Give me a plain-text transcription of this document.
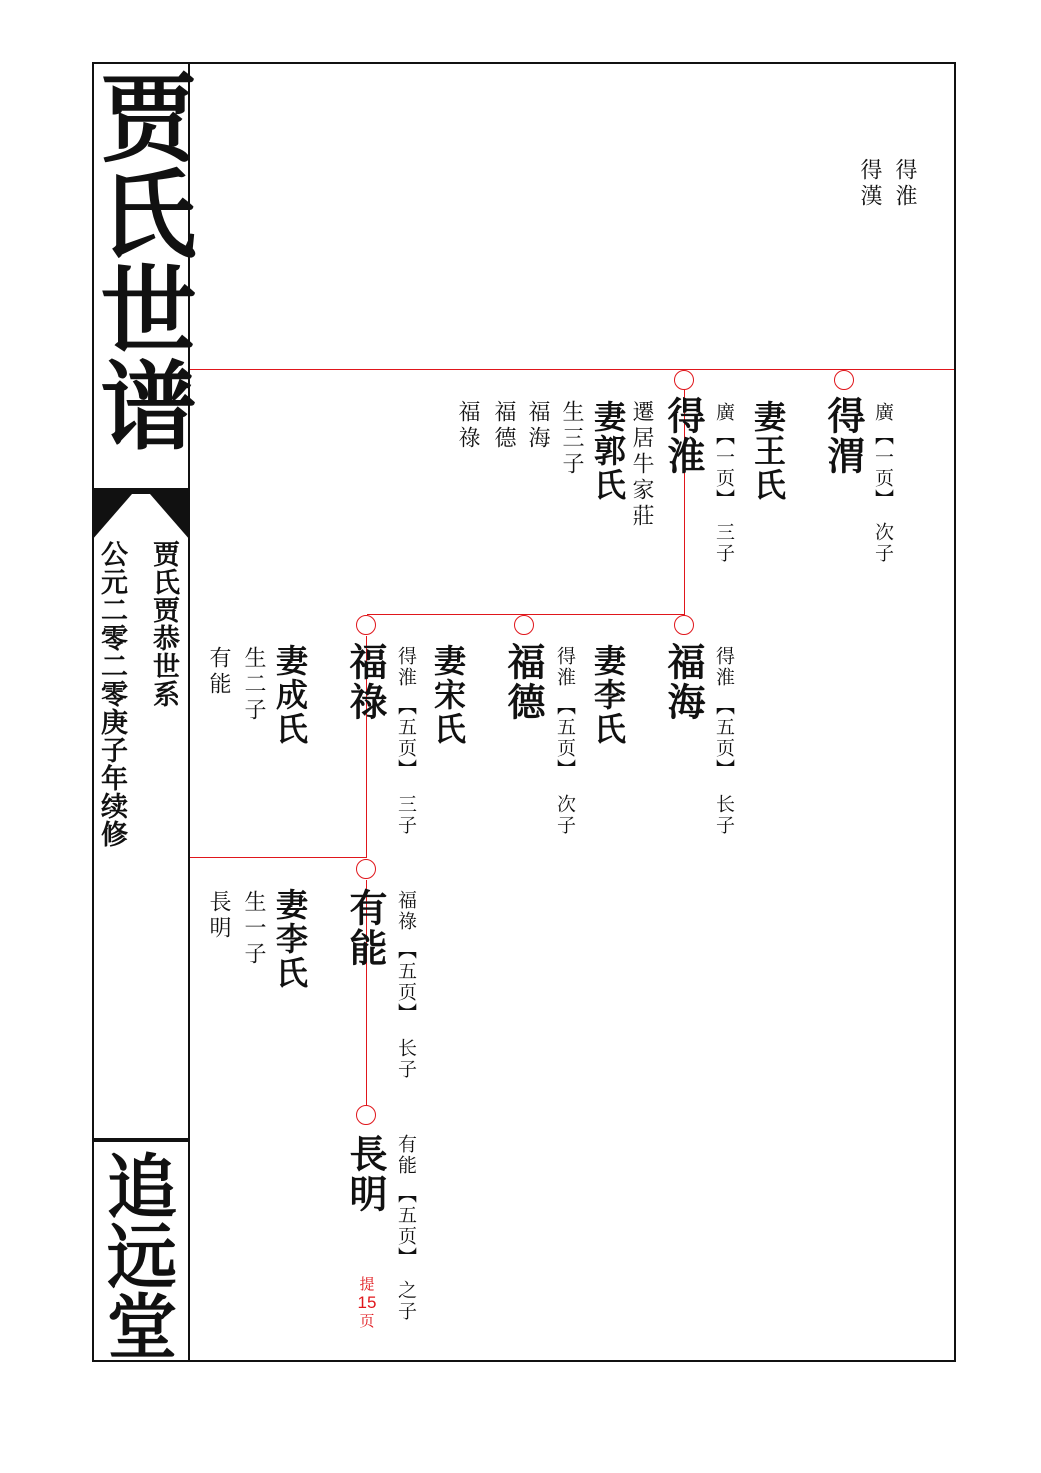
贾氏世谱
公元二零二零庚子年续修 贾氏贾恭世系
追远堂
得淮
得漢
得渭 廣
【一页】
次子
妻王氏
得淮 廣
【一页】
三子
遷居牛家莊
妻郭氏
生三子
福海
福德
福祿
福海 得淮
【五页】
长子
妻李氏
福德 得淮
【五页】
次子
妻宋氏
福祿 得淮
【五页】
三子
妻成氏
生二子
有能
有能 福祿
【五页】
长子
妻李氏
生一子
長明
長明 有能
【五页】
之子
提
15
页
